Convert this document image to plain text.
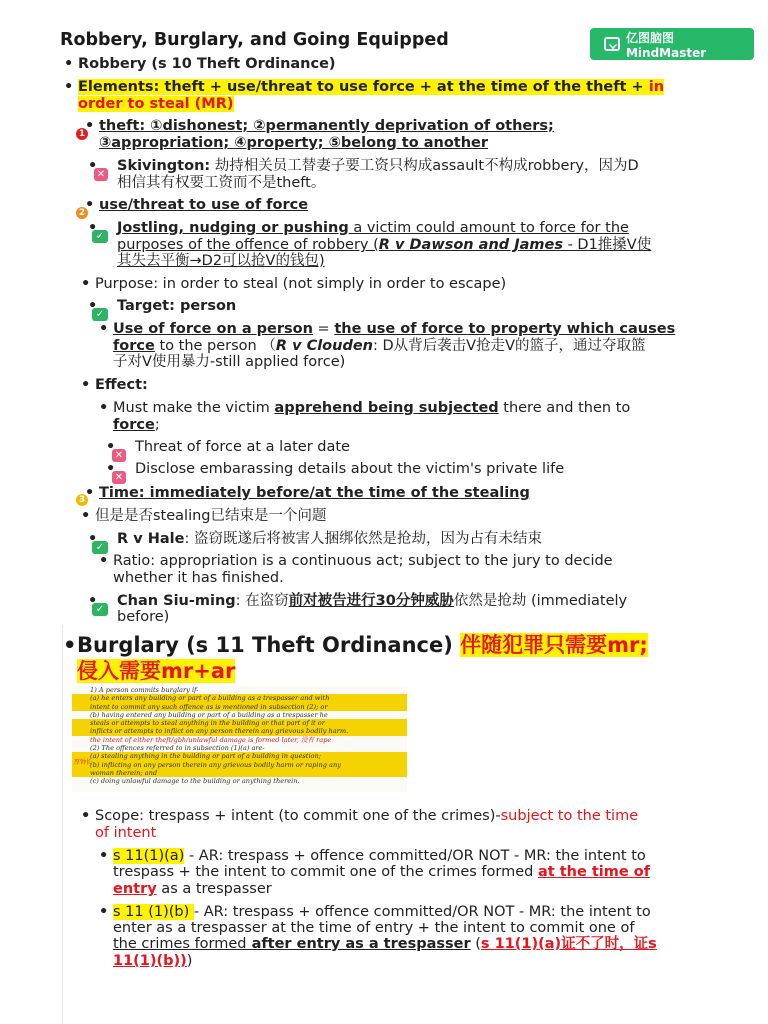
Robbery, Burglary, and Going Equipped	亿图脑图MindMaster
• Robbery (s 10 Theft Ordinance)
• Elements: theft + use/threat to use force + at the time of the theft + in
order to steal (MR)
1 • theft: ①dishonest; ②permanently deprivation of others;
③appropriation; ④property; ⑤belong to another
✕
Skivington: 劫持相关员工替妻子要工资只构成assault不构成robbery，因为D
相信其有权要工资而不是theft。
2 • use/threat to use of force
✓
Jostling, nudging or pushing a victim could amount to force for the
purposes of the offence of robbery (R v Dawson and James - D1推搡V使
其失去平衡→D2可以抢V的钱包)
• Purpose: in order to steal (not simply in order to escape)
✓
Target: person
• Use of force on a person = the use of force to property which causes
force to the person （R v Clouden: D从背后袭击V抢走V的篮子，通过夺取篮
子对V使用暴力-still applied force)
• Effect:
• Must make the victim apprehend being subjected there and then to
force;
✕
Threat of force at a later date
✕
Disclose embarassing details about the victim's private life
3 • Time: immediately before/at the time of the stealing
• 但是是否stealing已结束是一个问题
✓
R v Hale: 盗窃既遂后将被害人捆绑依然是抢劫，因为占有未结束
• Ratio: appropriation is a continuous act; subject to the jury to decide
whether it has finished.
✓
Chan Siu-ming: 在盗窃前对被告进行30分钟威胁依然是抢劫 (immediately
before)
• Burglary (s 11 Theft Ordinance) 伴随犯罪只需要mr;
侵入需要mr+ar
1) A person commits burglary if-
(a) he enters any building or part of a building as a trespasser and with
intent to commit any such offence as is mentioned in subsection (2); or
(b) having entered any building or part of a building as a trespasser he
steals or attempts to steal anything in the building or that part of it or
inflicts or attempts to inflict on any person therein any grievous bodily harm.
the intent of either theft/gbh/unlawful damage is formed later, 没有 rape
(2) The offences referred to in subsection (1)(a) are-
(a) stealing anything in the building or part of a building in question;
(b) inflicting on any person therein any grievous bodily harm or raping any
woman therein; and
(c) doing unlawful damage to the building or anything therein.
厚钟长
• Scope: trespass + intent (to commit one of the crimes)-subject to the time
of intent
• s 11(1)(a) - AR: trespass + offence committed/OR NOT - MR: the intent to
trespass + the intent to commit one of the crimes formed at the time of
entry as a trespasser
• s 11 (1)(b) - AR: trespass + offence committed/OR NOT - MR: the intent to
enter as a trespasser at the time of entry + the intent to commit one of
the crimes formed after entry as a trespasser (s 11(1)(a)证不了时，证s
11(1)(b)))
